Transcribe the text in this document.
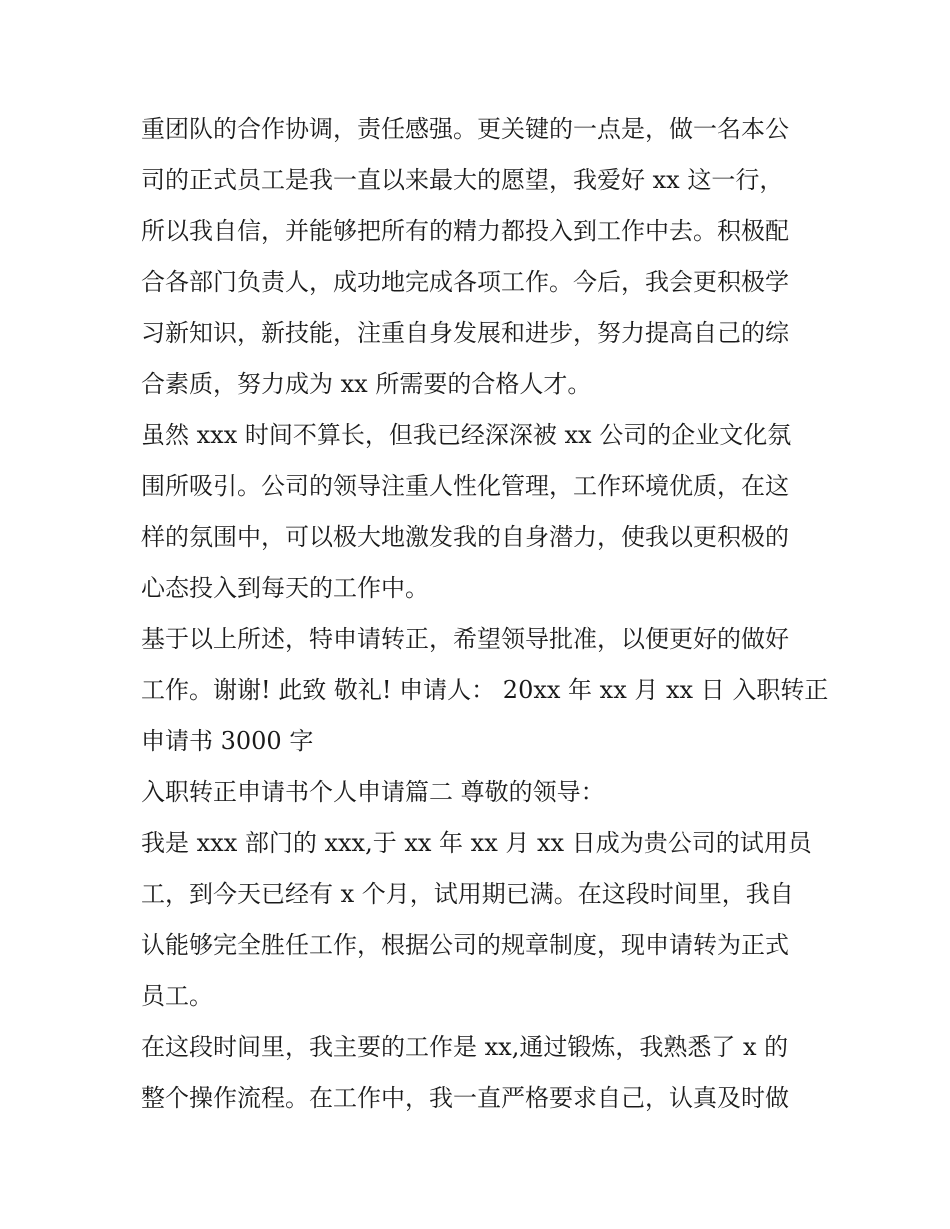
重团队的合作协调，责任感强。更关键的一点是，做一名本公
司的正式员工是我一直以来最大的愿望，我爱好 xx 这一行，
所以我自信，并能够把所有的精力都投入到工作中去。积极配
合各部门负责人，成功地完成各项工作。今后，我会更积极学
习新知识，新技能，注重自身发展和进步，努力提高自己的综
合素质，努力成为 xx 所需要的合格人才。
虽然 xxx 时间不算长，但我已经深深被 xx 公司的企业文化氛
围所吸引。公司的领导注重人性化管理，工作环境优质，在这
样的氛围中，可以极大地激发我的自身潜力，使我以更积极的
心态投入到每天的工作中。
基于以上所述，特申请转正，希望领导批准，以便更好的做好
工作。谢谢! 此致 敬礼! 申请人： 20xx 年 xx 月 xx 日 入职转正
申请书 3000 字
入职转正申请书个人申请篇二 尊敬的领导：
我是 xxx 部门的 xxx,于 xx 年 xx 月 xx 日成为贵公司的试用员
工，到今天已经有 x 个月，试用期已满。在这段时间里，我自
认能够完全胜任工作，根据公司的规章制度，现申请转为正式
员工。
在这段时间里，我主要的工作是 xx,通过锻炼，我熟悉了 x 的
整个操作流程。在工作中，我一直严格要求自己，认真及时做
